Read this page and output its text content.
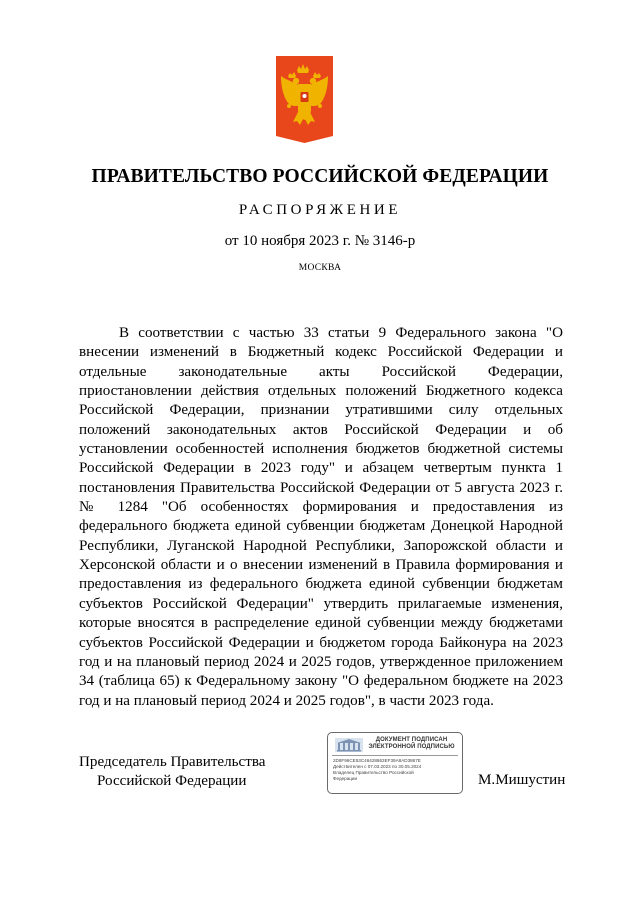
ПРАВИТЕЛЬСТВО РОССИЙСКОЙ ФЕДЕРАЦИИ
РАСПОРЯЖЕНИЕ
от 10 ноября 2023 г. № 3146-р
МОСКВА

В соответствии с частью 33 статьи 9 Федерального закона "О внесении изменений в Бюджетный кодекс Российской Федерации и отдельные законодательные акты Российской Федерации, приостановлении действия отдельных положений Бюджетного кодекса Российской Федерации, признании утратившими силу отдельных положений законодательных актов Российской Федерации и об установлении особенностей исполнения бюджетов бюджетной системы Российской Федерации в 2023 году" и абзацем четвертым пункта 1 постановления Правительства Российской Федерации от 5 августа 2023 г. № 1284 "Об особенностях формирования и предоставления из федерального бюджета единой субвенции бюджетам Донецкой Народной Республики, Луганской Народной Республики, Запорожской области и Херсонской области и о внесении изменений в Правила формирования и предоставления из федерального бюджета единой субвенции бюджетам субъектов Российской Федерации" утвердить прилагаемые изменения, которые вносятся в распределение единой субвенции между бюджетами субъектов Российской Федерации и бюджетом города Байконура на 2023 год и на плановый период 2024 и 2025 годов, утвержденное приложением 34 (таблица 65) к Федеральному закону "О федеральном бюджете на 2023 год и на плановый период 2024 и 2025 годов", в части 2023 года.

Председатель Правительства
Российской Федерации
ДОКУМЕНТ ПОДПИСАН
ЭЛЕКТРОННОЙ ПОДПИСЬЮ
2D8F96CE53C46428863EF39A8AD3867E
Действителен с 07.03.2023 по 30.05.2024
Владелец Правительство Российской
Федерации	М.Мишустин
